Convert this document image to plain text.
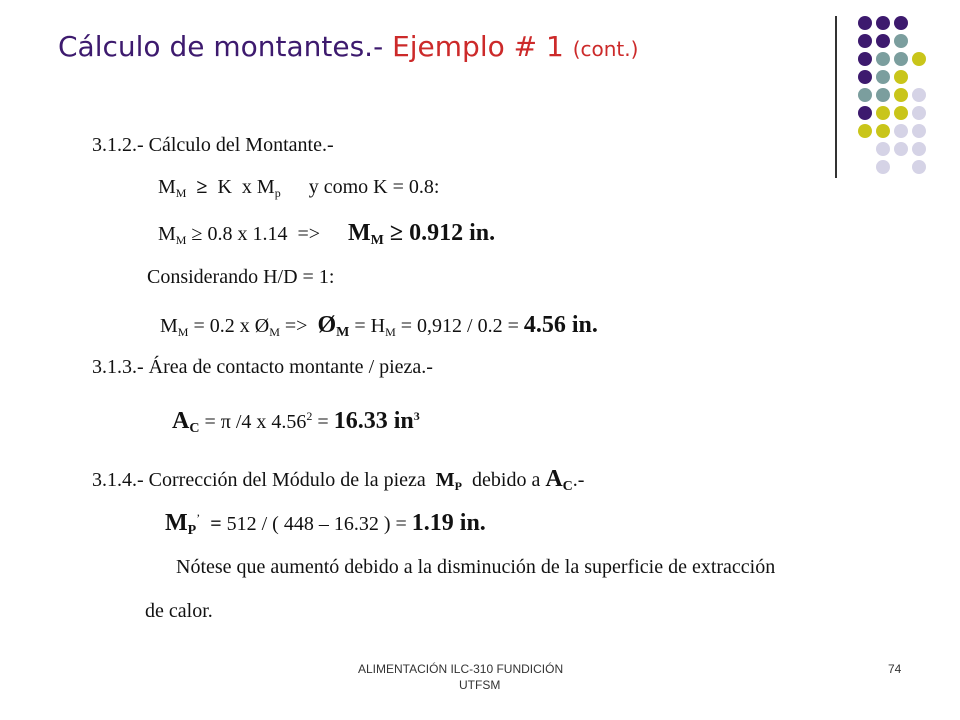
Cálculo de montantes.- Ejemplo # 1 (cont.)
3.1.2.- Cálculo del Montante.-
$M_M \ge K$ x $M_p$ y como K = 0.8:
$M_M \ge 0.8$ x $1.14 => M_M \ge 0.912$ in.
Considerando H/D = 1:
$M_M = 0.2$ x $Ø_M$ => $Ø_M = H_M = 0,912 / 0.2 = 4.56$ in.
3.1.3.- Área de contacto montante / pieza.-
$A_C = \pi$ /4 x $4.56^2 = 16.33$ $in^3$
3.1.4.- Corrección del Módulo de la pieza $M_P$ debido a $A_C.-$
$M_P^’ = 512$ / ( 448 – 16.32 ) = 1.19 in.
Nótese que aumentó debido a la disminución de la superficie de extracción
de calor.
ALIMENTACIÓN ILC-310 FUNDICIÓN
UTFSM
74
